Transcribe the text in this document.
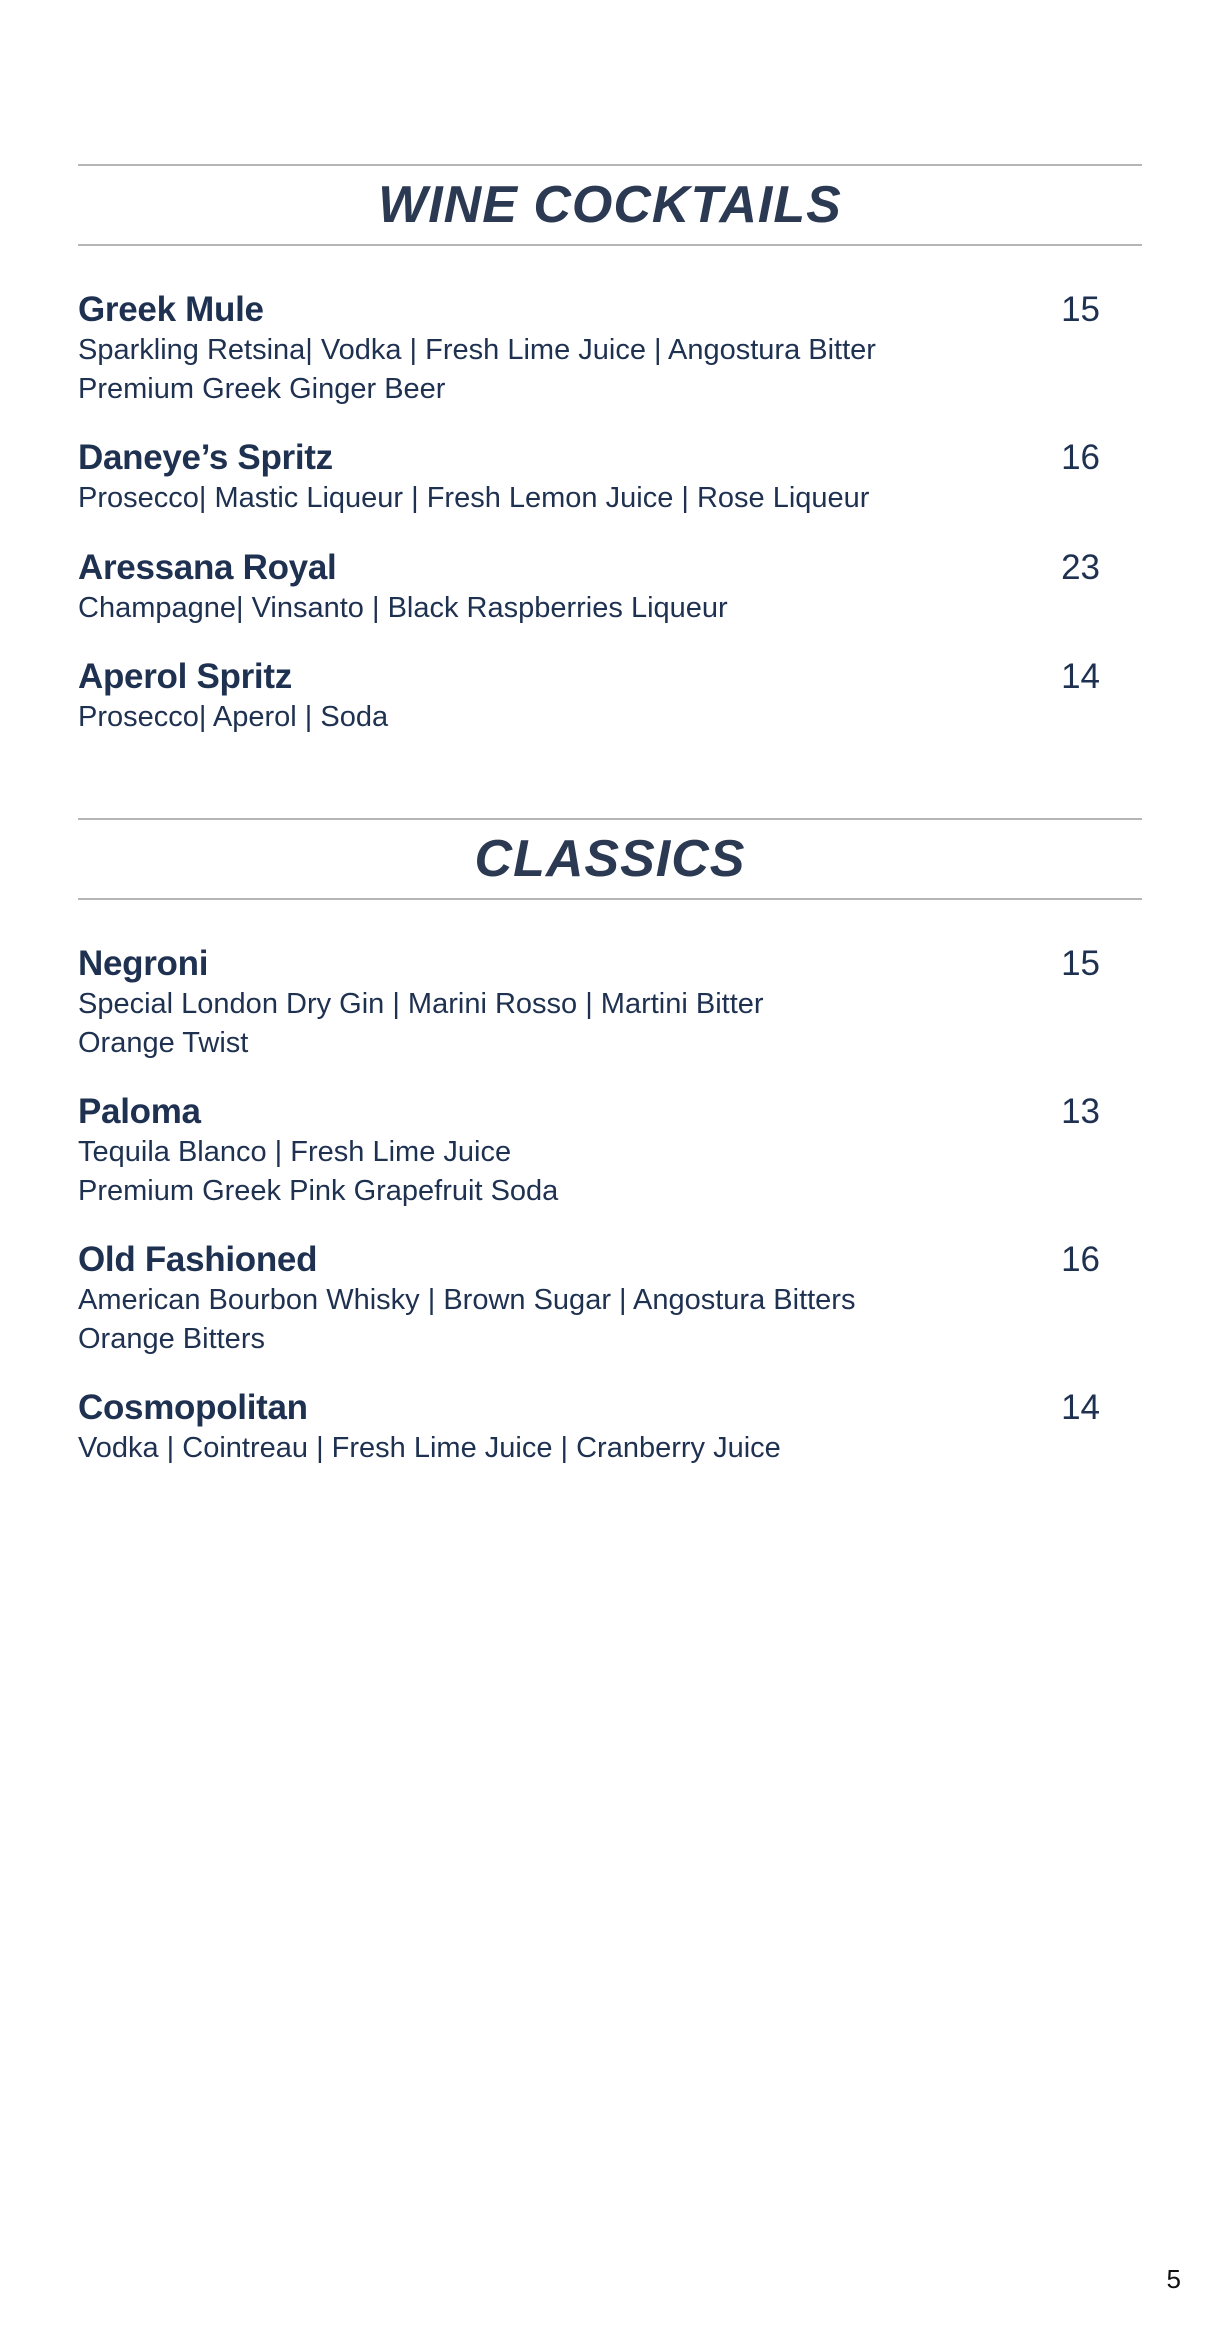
WINE COCKTAILS
Greek Mule	15
Sparkling Retsina| Vodka | Fresh Lime Juice | Angostura Bitter
Premium Greek Ginger Beer
Daneye’s Spritz	16
Prosecco| Mastic Liqueur | Fresh Lemon Juice | Rose Liqueur
Aressana Royal	23
Champagne| Vinsanto | Black Raspberries Liqueur
Aperol Spritz	14
Prosecco| Aperol | Soda
CLASSICS
Negroni	15
Special London Dry Gin | Marini Rosso | Martini Bitter
Orange Twist
Paloma	13
Tequila Blanco | Fresh Lime Juice
Premium Greek Pink Grapefruit Soda
Old Fashioned	16
American Bourbon Whisky | Brown Sugar | Angostura Bitters
Orange Bitters
Cosmopolitan	14
Vodka | Cointreau | Fresh Lime Juice | Cranberry Juice
5
